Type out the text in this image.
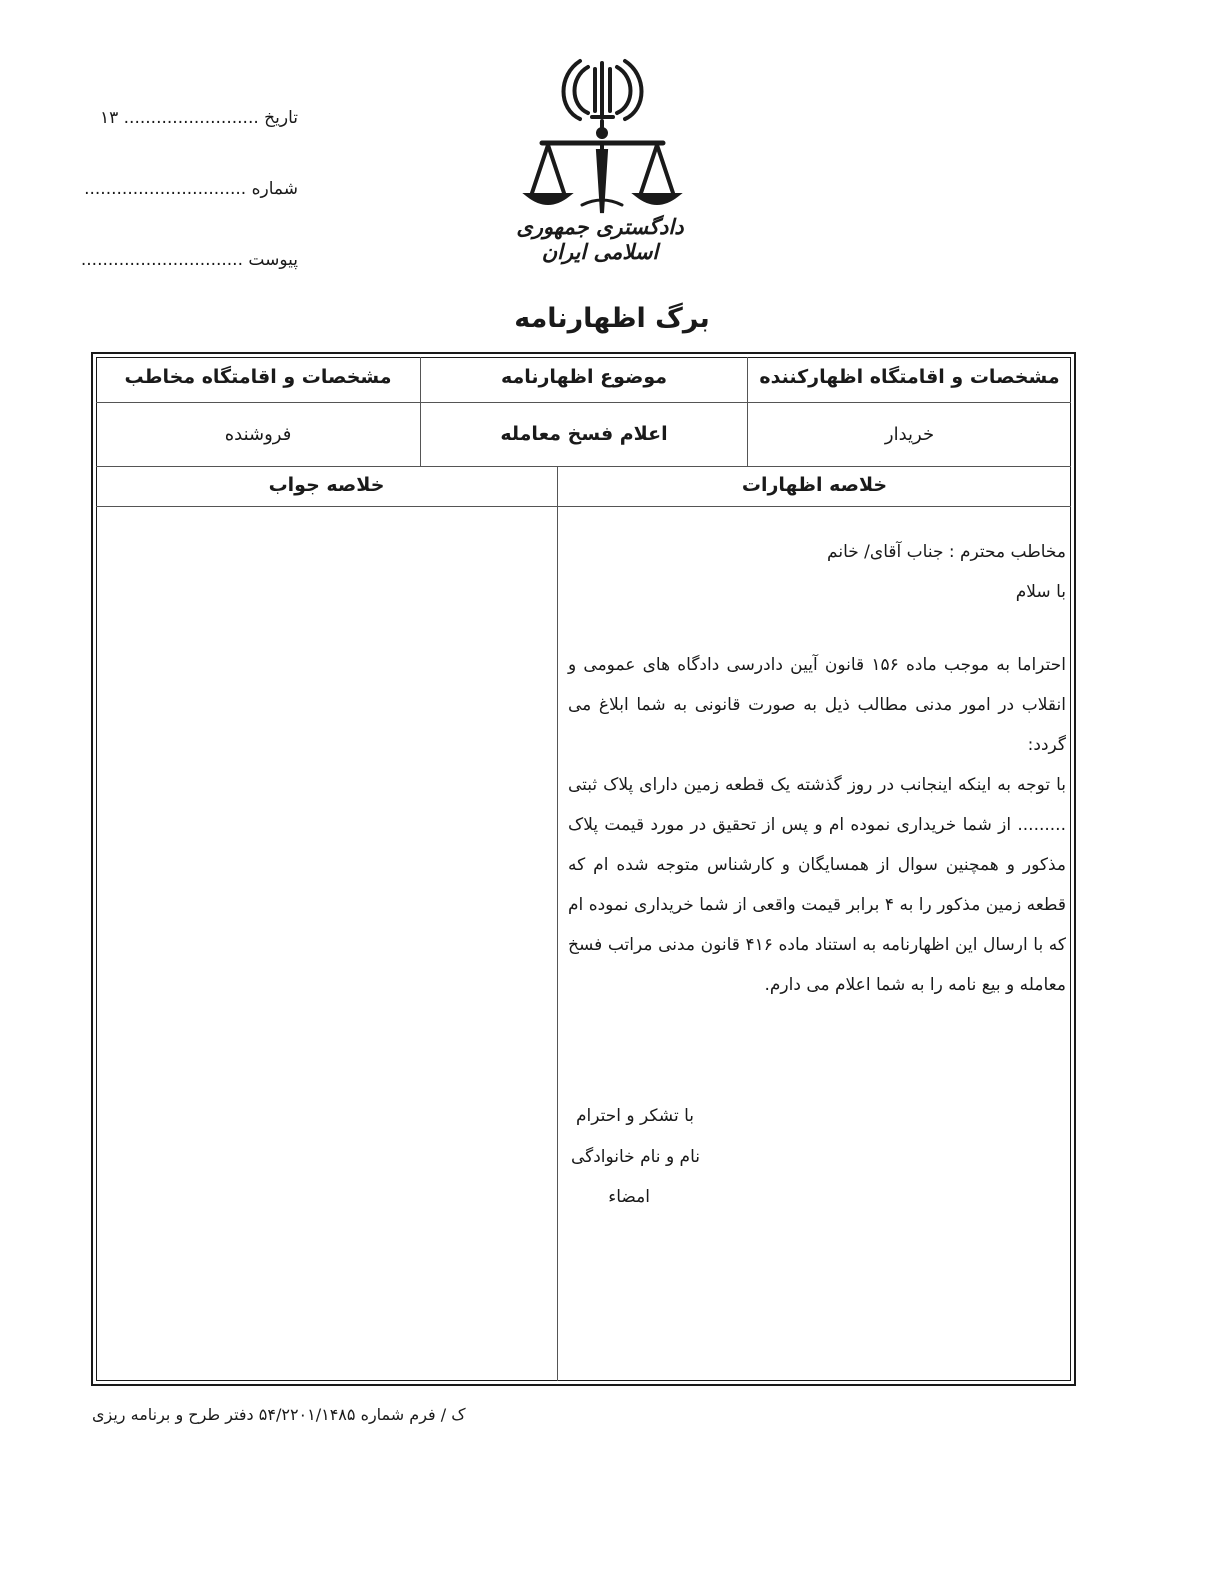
تاریخ ......................... ۱۳
شماره ..............................
پیوست ..............................
دادگستری جمهوری اسلامی ایران
برگ اظهارنامه
مشخصات و اقامتگاه اظهارکننده
موضوع اظهارنامه
مشخصات و اقامتگاه مخاطب
خریدار
اعلام فسخ معامله
فروشنده
خلاصه اظهارات
خلاصه جواب

مخاطب محترم : جناب آقای/ خانم

با سلام

احتراما به موجب ماده ۱۵۶ قانون آیین دادرسی دادگاه های عمومی و انقلاب در امور مدنی مطالب ذیل به صورت قانونی به شما ابلاغ می گردد:

با توجه به اینکه اینجانب در روز گذشته یک قطعه زمین دارای پلاک ثبتی ......... از شما خریداری نموده ام و پس از تحقیق در مورد قیمت پلاک مذکور و همچنین سوال از همسایگان و کارشناس متوجه شده ام که قطعه زمین مذکور را به ۴ برابر قیمت واقعی از شما خریداری نموده ام که با ارسال این اظهارنامه به استناد ماده ۴۱۶ قانون مدنی مراتب فسخ معامله و بیع نامه را به شما اعلام می دارم.

با تشکر و احترام
نام و نام خانوادگی
امضاء
ک / فرم شماره ۵۴/۲۲۰۱/۱۴۸۵ دفتر طرح و برنامه ریزی
